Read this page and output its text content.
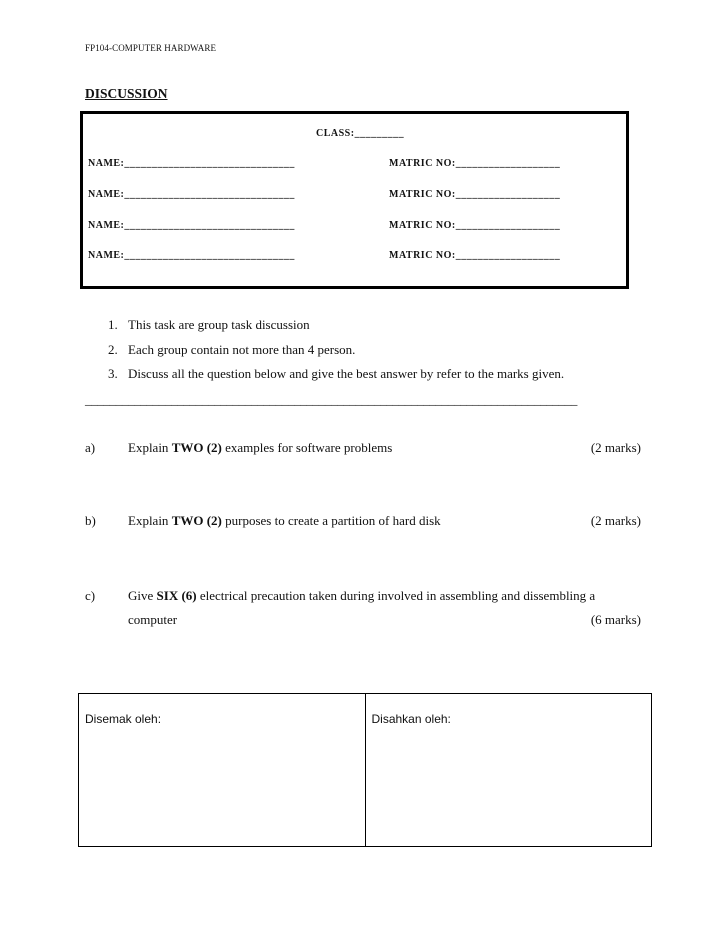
FP104-COMPUTER HARDWARE
DISCUSSION
CLASS:_________
NAME:_______________________________	MATRIC NO:___________________
NAME:_______________________________	MATRIC NO:___________________
NAME:_______________________________	MATRIC NO:___________________
NAME:_______________________________	MATRIC NO:___________________
1. This task are group task discussion
2. Each group contain not more than 4 person.
3. Discuss all the question below and give the best answer by refer to the marks given.
________________________________________________________________________________
a)	Explain TWO (2) examples for software problems	(2 marks)
b) Explain TWO (2) purposes to create a partition of hard disk	(2 marks)
c)	Give SIX (6) electrical precaution taken during involved in assembling and dissembling a
computer	(6 marks)
Disemak oleh:	Disahkan oleh:
